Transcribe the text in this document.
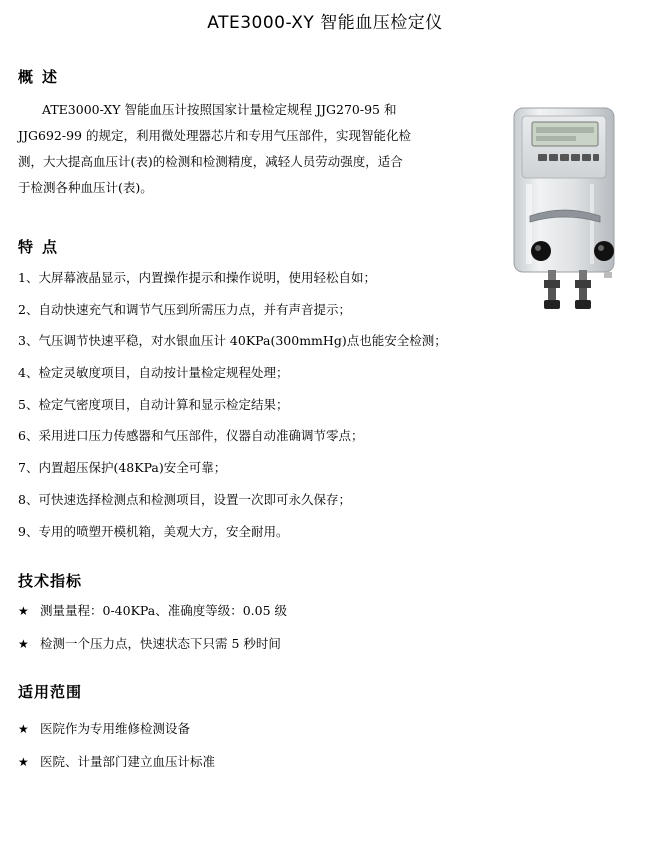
ATE3000-XY 智能血压检定仪
概述
ATE3000-XY 智能血压计按照国家计量检定规程 JJG270-95 和
JJG692-99 的规定，利用微处理器芯片和专用气压部件，实现智能化检
测，大大提高血压计(表)的检测和检测精度，减轻人员劳动强度，适合
于检测各种血压计(表)。
特点
1、大屏幕液晶显示，内置操作提示和操作说明，使用轻松自如；
2、自动快速充气和调节气压到所需压力点，并有声音提示；
3、气压调节快速平稳，对水银血压计 40KPa(300mmHg)点也能安全检测；
4、检定灵敏度项目，自动按计量检定规程处理；
5、检定气密度项目，自动计算和显示检定结果；
6、采用进口压力传感器和气压部件，仪器自动准确调节零点；
7、内置超压保护(48KPa)安全可靠；
8、可快速选择检测点和检测项目，设置一次即可永久保存；
9、专用的喷塑开模机箱，美观大方，安全耐用。
技术指标
★ 测量量程：0-40KPa、准确度等级：0.05 级
★ 检测一个压力点，快速状态下只需 5 秒时间
适用范围
★ 医院作为专用维修检测设备
★ 医院、计量部门建立血压计标准
